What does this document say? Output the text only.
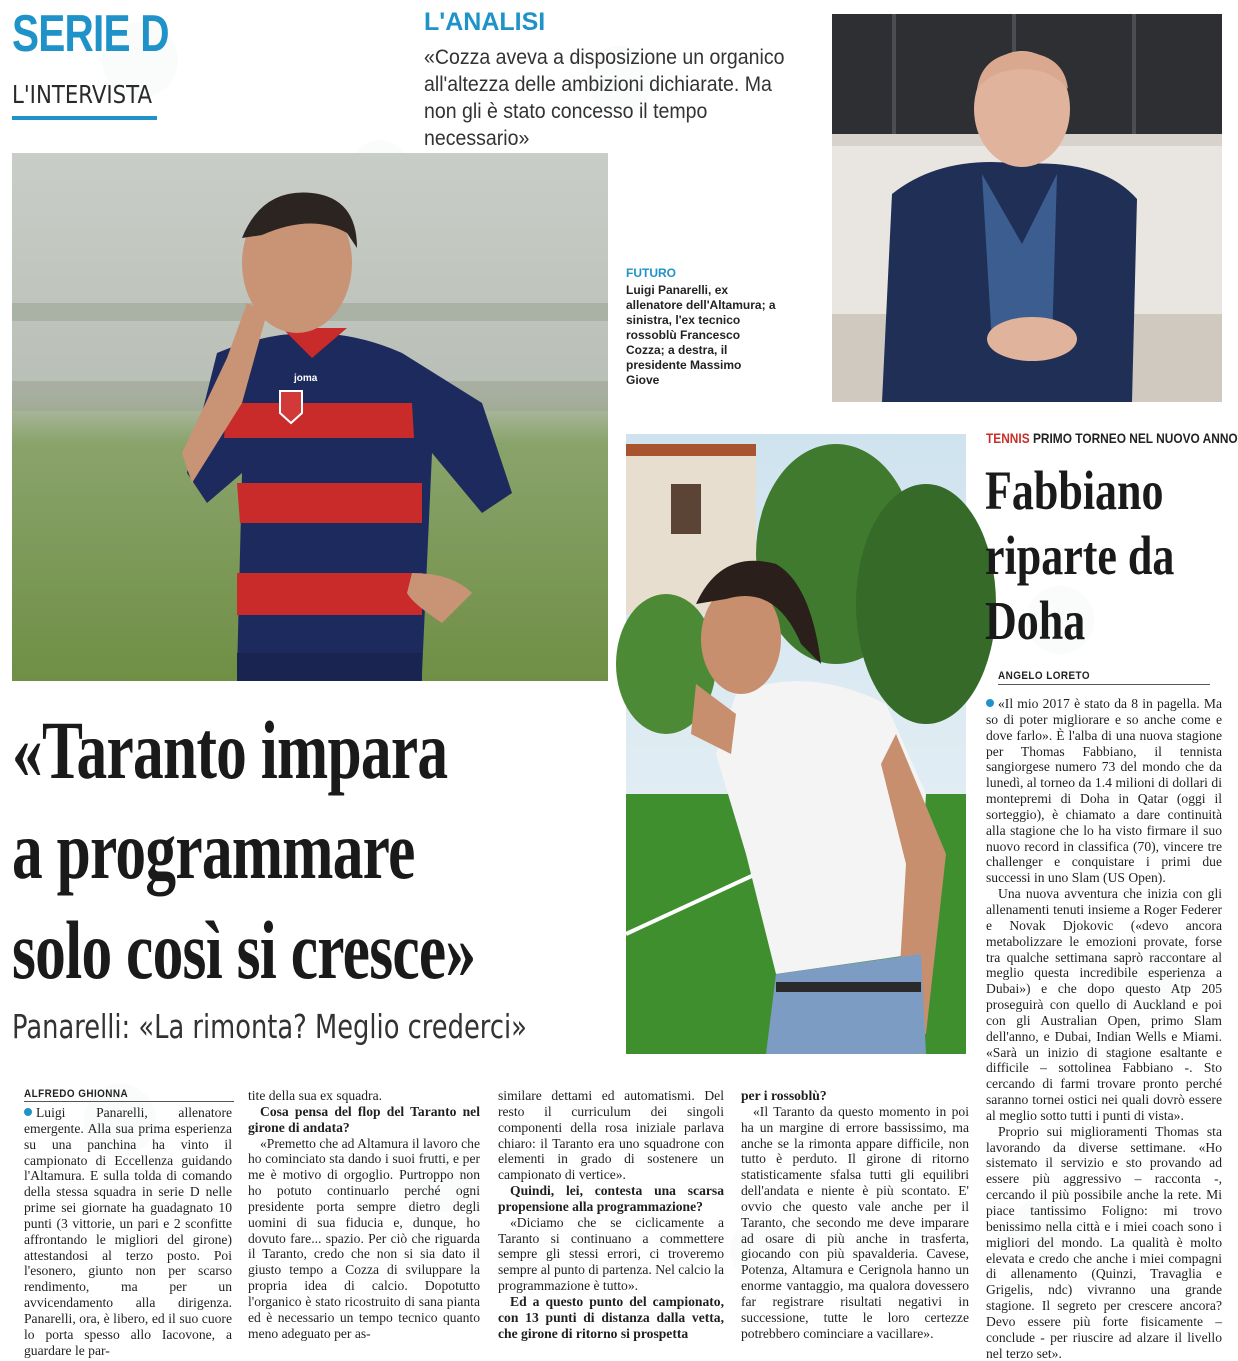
SERIE D
L'INTERVISTA
L'ANALISI
«Cozza aveva a disposizione un organico all'altezza delle ambizioni dichiarate. Ma non gli è stato concesso il tempo necessario»
joma
FUTURO
Luigi Panarelli, ex allenatore dell'Altamura; a sinistra, l'ex tecnico rossoblù Francesco Cozza; a destra, il presidente Massimo Giove
«Taranto impara
a programmare
solo così si cresce»
Panarelli: «La rimonta? Meglio crederci»
ALFREDO GHIONNA

Luigi Panarelli, allenatore emergente. Alla sua prima esperienza su una panchina ha vinto il campionato di Eccellenza guidando l'Altamura. E sulla tolda di comando della stessa squadra in serie D nelle prime sei giornate ha guadagnato 10 punti (3 vittorie, un pari e 2 sconfitte affrontando le migliori del girone) attestandosi al terzo posto. Poi l'esonero, giunto non per scarso rendimento, ma per un avvicendamento alla dirigenza. Panarelli, ora, è libero, ed il suo cuore lo porta spesso allo Iacovone, a guardare le par-

tite della sua ex squadra.

Cosa pensa del flop del Taranto nel girone di andata?

«Premetto che ad Altamura il lavoro che ho cominciato sta dando i suoi frutti, e per me è motivo di orgoglio. Purtroppo non ho potuto continuarlo perché ogni presidente porta sempre dietro degli uomini di sua fiducia e, dunque, ho dovuto fare... spazio. Per ciò che riguarda il Taranto, credo che non si sia dato il giusto tempo a Cozza di sviluppare la propria idea di calcio. Dopotutto l'organico è stato ricostruito di sana pianta ed è necessario un tempo tecnico quanto meno adeguato per as-

similare dettami ed automatismi. Del resto il curriculum dei singoli componenti della rosa iniziale parlava chiaro: il Taranto era uno squadrone con elementi in grado di sostenere un campionato di vertice».

Quindi, lei, contesta una scarsa propensione alla programmazione?

«Diciamo che se ciclicamente a Taranto si continuano a commettere sempre gli stessi errori, ci troveremo sempre al punto di partenza. Nel calcio la programmazione è tutto».

Ed a questo punto del campionato, con 13 punti di distanza dalla vetta, che girone di ritorno si prospetta

per i rossoblù?

«Il Taranto da questo momento in poi ha un margine di errore bassissimo, ma anche se la rimonta appare difficile, non tutto è perduto. Il girone di ritorno statisticamente sfalsa tutti gli equilibri dell'andata e niente è più scontato. E' ovvio che questo vale anche per il Taranto, che secondo me deve imparare ad osare di più anche in trasferta, giocando con più spavalderia. Cavese, Potenza, Altamura e Cerignola hanno un enorme vantaggio, ma qualora dovessero far registrare risultati negativi in successione, tutte le loro certezze potrebbero cominciare a vacillare».

TENNIS PRIMO TORNEO NEL NUOVO ANNO
Fabbiano riparte da Doha
ANGELO LORETO

«Il mio 2017 è stato da 8 in pagella. Ma so di poter migliorare e so anche come e dove farlo». È l'alba di una nuova stagione per Thomas Fabbiano, il tennista sangiorgese numero 73 del mondo che da lunedì, al torneo da 1.4 milioni di dollari di montepremi di Doha in Qatar (oggi il sorteggio), è chiamato a dare continuità alla stagione che lo ha visto firmare il suo nuovo record in classifica (70), vincere tre challenger e conquistare i primi due successi in uno Slam (US Open).

Una nuova avventura che inizia con gli allenamenti tenuti insieme a Roger Federer e Novak Djokovic («devo ancora metabolizzare le emozioni provate, forse tra qualche settimana saprò raccontare al meglio questa incredibile esperienza a Dubai») e che dopo questo Atp 205 proseguirà con quello di Auckland e poi con gli Australian Open, primo Slam dell'anno, e Dubai, Indian Wells e Miami. «Sarà un inizio di stagione esaltante e difficile – sottolinea Fabbiano -. Sto cercando di farmi trovare pronto perché saranno tornei ostici nei quali dovrò essere al meglio sotto tutti i punti di vista».

Proprio sui miglioramenti Thomas sta lavorando da diverse settimane. «Ho sistemato il servizio e sto provando ad essere più aggressivo – racconta -, cercando il più possibile anche la rete. Mi piace tantissimo Foligno: mi trovo benissimo nella città e i miei coach sono i migliori del mondo. La qualità è molto elevata e credo che anche i miei compagni di allenamento (Quinzi, Travaglia e Grigelis, ndc) vivranno una grande stagione. Il segreto per crescere ancora? Devo essere più forte fisicamente – conclude - per riuscire ad alzare il livello nel terzo set».
